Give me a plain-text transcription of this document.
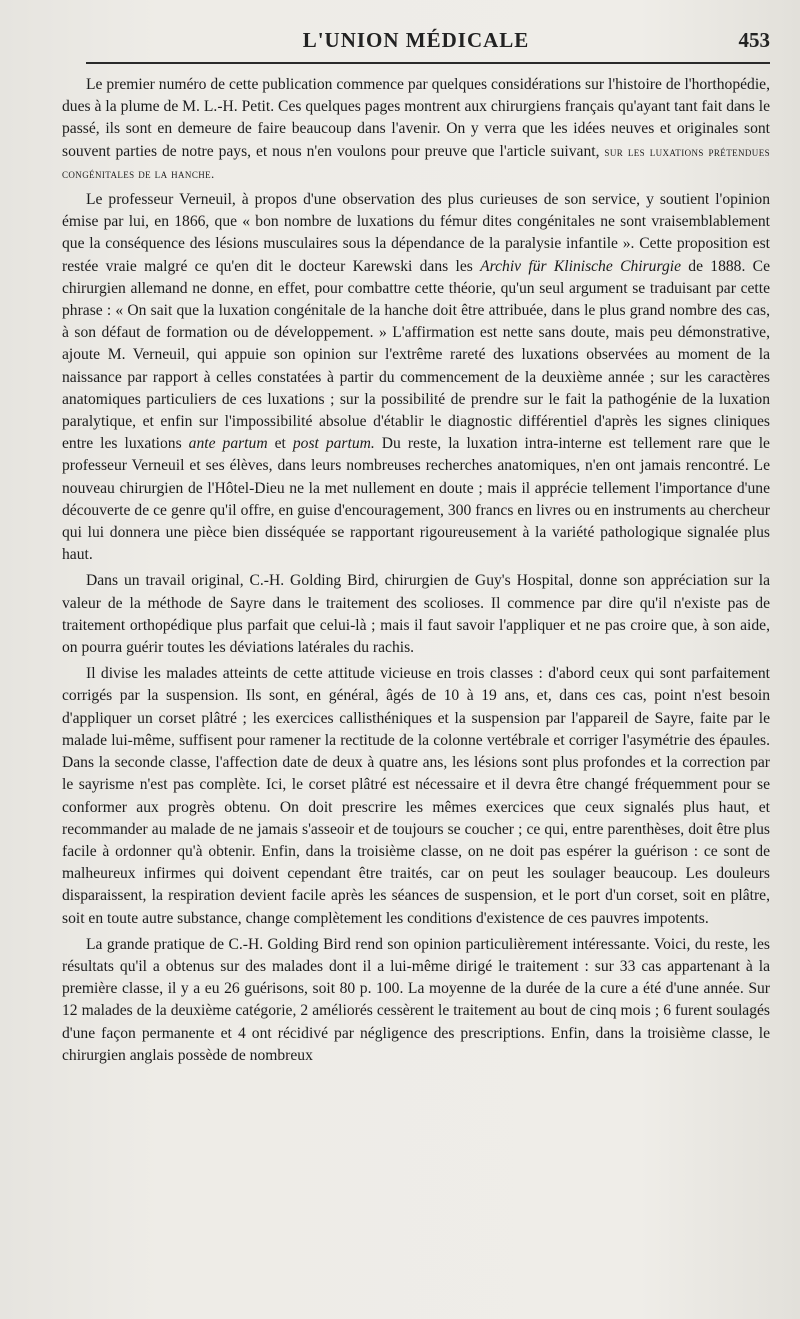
L'UNION MÉDICALE	453

Le premier numéro de cette publication commence par quelques considérations sur l'histoire de l'horthopédie, dues à la plume de M. L.-H. Petit. Ces quelques pages montrent aux chirurgiens français qu'ayant tant fait dans le passé, ils sont en demeure de faire beaucoup dans l'avenir. On y verra que les idées neuves et originales sont souvent parties de notre pays, et nous n'en voulons pour preuve que l'article suivant, sur les luxations prétendues congénitales de la hanche.

Le professeur Verneuil, à propos d'une observation des plus curieuses de son service, y soutient l'opinion émise par lui, en 1866, que « bon nombre de luxations du fémur dites congénitales ne sont vraisemblablement que la conséquence des lésions musculaires sous la dépendance de la paralysie infantile ». Cette proposition est restée vraie malgré ce qu'en dit le docteur Karewski dans les Archiv für Klinische Chirurgie de 1888. Ce chirurgien allemand ne donne, en effet, pour combattre cette théorie, qu'un seul argument se traduisant par cette phrase : « On sait que la luxation congénitale de la hanche doit être attribuée, dans le plus grand nombre des cas, à son défaut de formation ou de développement. » L'affirmation est nette sans doute, mais peu démonstrative, ajoute M. Verneuil, qui appuie son opinion sur l'extrême rareté des luxations observées au moment de la naissance par rapport à celles constatées à partir du commencement de la deuxième année ; sur les caractères anatomiques particuliers de ces luxations ; sur la possibilité de prendre sur le fait la pathogénie de la luxation paralytique, et enfin sur l'impossibilité absolue d'établir le diagnostic différentiel d'après les signes cliniques entre les luxations ante partum et post partum. Du reste, la luxation intra-interne est tellement rare que le professeur Verneuil et ses élèves, dans leurs nombreuses recherches anatomiques, n'en ont jamais rencontré. Le nouveau chirurgien de l'Hôtel-Dieu ne la met nullement en doute ; mais il apprécie tellement l'importance d'une découverte de ce genre qu'il offre, en guise d'encouragement, 300 francs en livres ou en instruments au chercheur qui lui donnera une pièce bien disséquée se rapportant rigoureusement à la variété pathologique signalée plus haut.

Dans un travail original, C.-H. Golding Bird, chirurgien de Guy's Hospital, donne son appréciation sur la valeur de la méthode de Sayre dans le traitement des scolioses. Il commence par dire qu'il n'existe pas de traitement orthopédique plus parfait que celui-là ; mais il faut savoir l'appliquer et ne pas croire que, à son aide, on pourra guérir toutes les déviations latérales du rachis.

Il divise les malades atteints de cette attitude vicieuse en trois classes : d'abord ceux qui sont parfaitement corrigés par la suspension. Ils sont, en général, âgés de 10 à 19 ans, et, dans ces cas, point n'est besoin d'appliquer un corset plâtré ; les exercices callisthéniques et la suspension par l'appareil de Sayre, faite par le malade lui-même, suffisent pour ramener la rectitude de la colonne vertébrale et corriger l'asymétrie des épaules. Dans la seconde classe, l'affection date de deux à quatre ans, les lésions sont plus profondes et la correction par le sayrisme n'est pas complète. Ici, le corset plâtré est nécessaire et il devra être changé fréquemment pour se conformer aux progrès obtenu. On doit prescrire les mêmes exercices que ceux signalés plus haut, et recommander au malade de ne jamais s'asseoir et de toujours se coucher ; ce qui, entre parenthèses, doit être plus facile à ordonner qu'à obtenir. Enfin, dans la troisième classe, on ne doit pas espérer la guérison : ce sont de malheureux infirmes qui doivent cependant être traités, car on peut les soulager beaucoup. Les douleurs disparaissent, la respiration devient facile après les séances de suspension, et le port d'un corset, soit en plâtre, soit en toute autre substance, change complètement les conditions d'existence de ces pauvres impotents.

La grande pratique de C.-H. Golding Bird rend son opinion particulièrement intéressante. Voici, du reste, les résultats qu'il a obtenus sur des malades dont il a lui-même dirigé le traitement : sur 33 cas appartenant à la première classe, il y a eu 26 guérisons, soit 80 p. 100. La moyenne de la durée de la cure a été d'une année. Sur 12 malades de la deuxième catégorie, 2 améliorés cessèrent le traitement au bout de cinq mois ; 6 furent soulagés d'une façon permanente et 4 ont récidivé par négligence des prescriptions. Enfin, dans la troisième classe, le chirurgien anglais possède de nombreux
